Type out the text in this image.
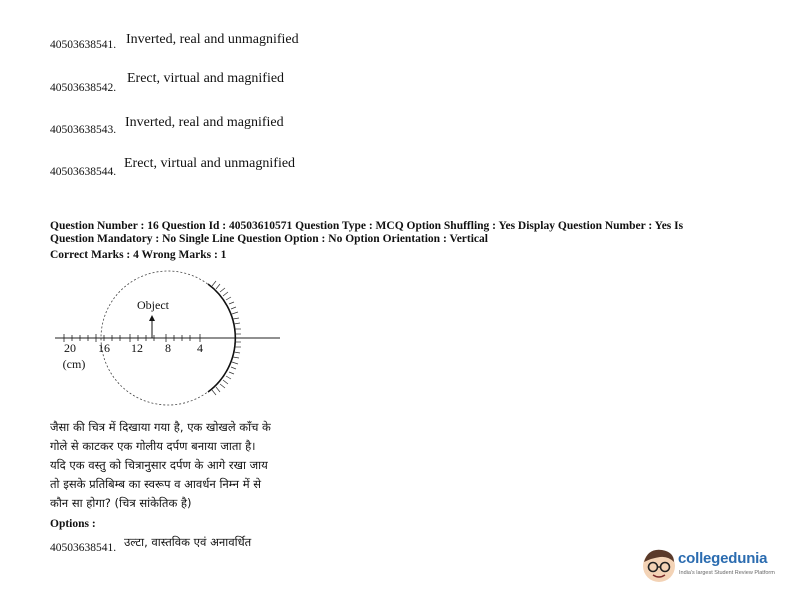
40503638541. Inverted, real and unmagnified
40503638542.
Erect, virtual and magnified
40503638543. Inverted, real and magnified
40503638544.
Erect, virtual and unmagnified
Question Number : 16 Question Id : 40503610571 Question Type : MCQ Option Shuffling : Yes Display Question Number : Yes Is
Question Mandatory : No Single Line Question Option : No Option Orientation : Vertical
Correct Marks : 4 Wrong Marks : 1
Object
20 16 12 8 4
(cm)
जैसा की चित्र में दिखाया गया है, एक खोखले काँच के
गोले से काटकर एक गोलीय दर्पण बनाया जाता है।
यदि एक वस्तु को चित्रानुसार दर्पण के आगे रखा जाय
तो इसके प्रतिबिम्ब का स्वरूप व आवर्धन निम्न में से
कौन सा होगा? (चित्र सांकेतिक है)
Options :
40503638541. उल्टा, वास्तविक एवं अनावर्धित
collegedunia
India's largest Student Review Platform
